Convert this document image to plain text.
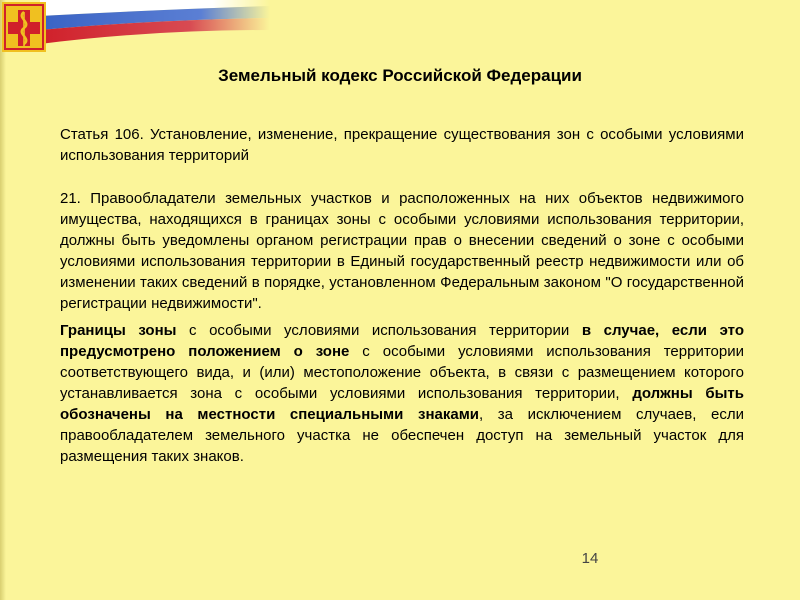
Земельный кодекс Российской Федерации

Статья 106. Установление, изменение, прекращение существования зон с особыми условиями использования территорий

21. Правообладатели земельных участков и расположенных на них объектов недвижимого имущества, находящихся в границах зоны с особыми условиями использования территории, должны быть уведомлены органом регистрации прав о внесении сведений о зоне с особыми условиями использования территории в Единый государственный реестр недвижимости или об изменении таких сведений в порядке, установленном Федеральным законом "О государственной регистрации недвижимости".

Границы зоны с особыми условиями использования территории в случае, если это предусмотрено положением о зоне с особыми условиями использования территории соответствующего вида, и (или) местоположение объекта, в связи с размещением которого устанавливается зона с особыми условиями использования территории, должны быть обозначены на местности специальными знаками, за исключением случаев, если правообладателем земельного участка не обеспечен доступ на земельный участок для размещения таких знаков.

14
